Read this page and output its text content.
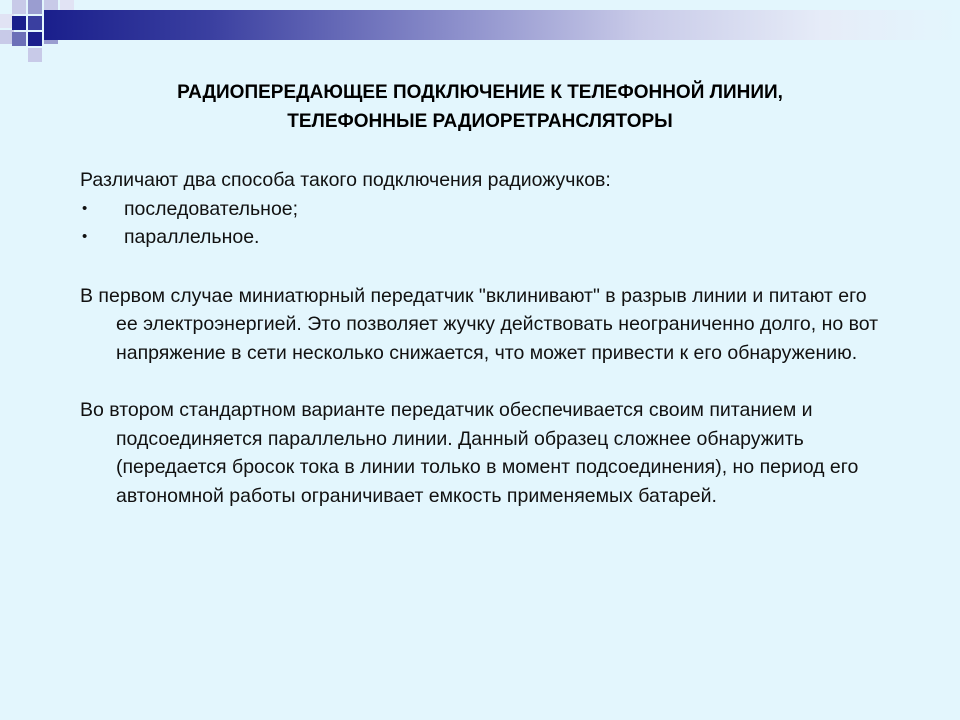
РАДИОПЕРЕДАЮЩЕЕ ПОДКЛЮЧЕНИЕ К ТЕЛЕФОННОЙ ЛИНИИ,
ТЕЛЕФОННЫЕ РАДИОРЕТРАНСЛЯТОРЫ

Различают два способа такого подключения радиожучков:

• последовательное;
• параллельное.

В первом случае миниатюрный передатчик "вклинивают" в разрыв линии и питают его ее электроэнергией. Это позволяет жучку действовать неограниченно долго, но вот напряжение в сети несколько снижается, что может привести к его обнаружению.

Во втором стандартном варианте передатчик обеспечивается своим питанием и подсоединяется параллельно линии. Данный образец сложнее обнаружить (передается бросок тока в линии только в момент подсоединения), но период его автономной работы ограничивает емкость применяемых батарей.
